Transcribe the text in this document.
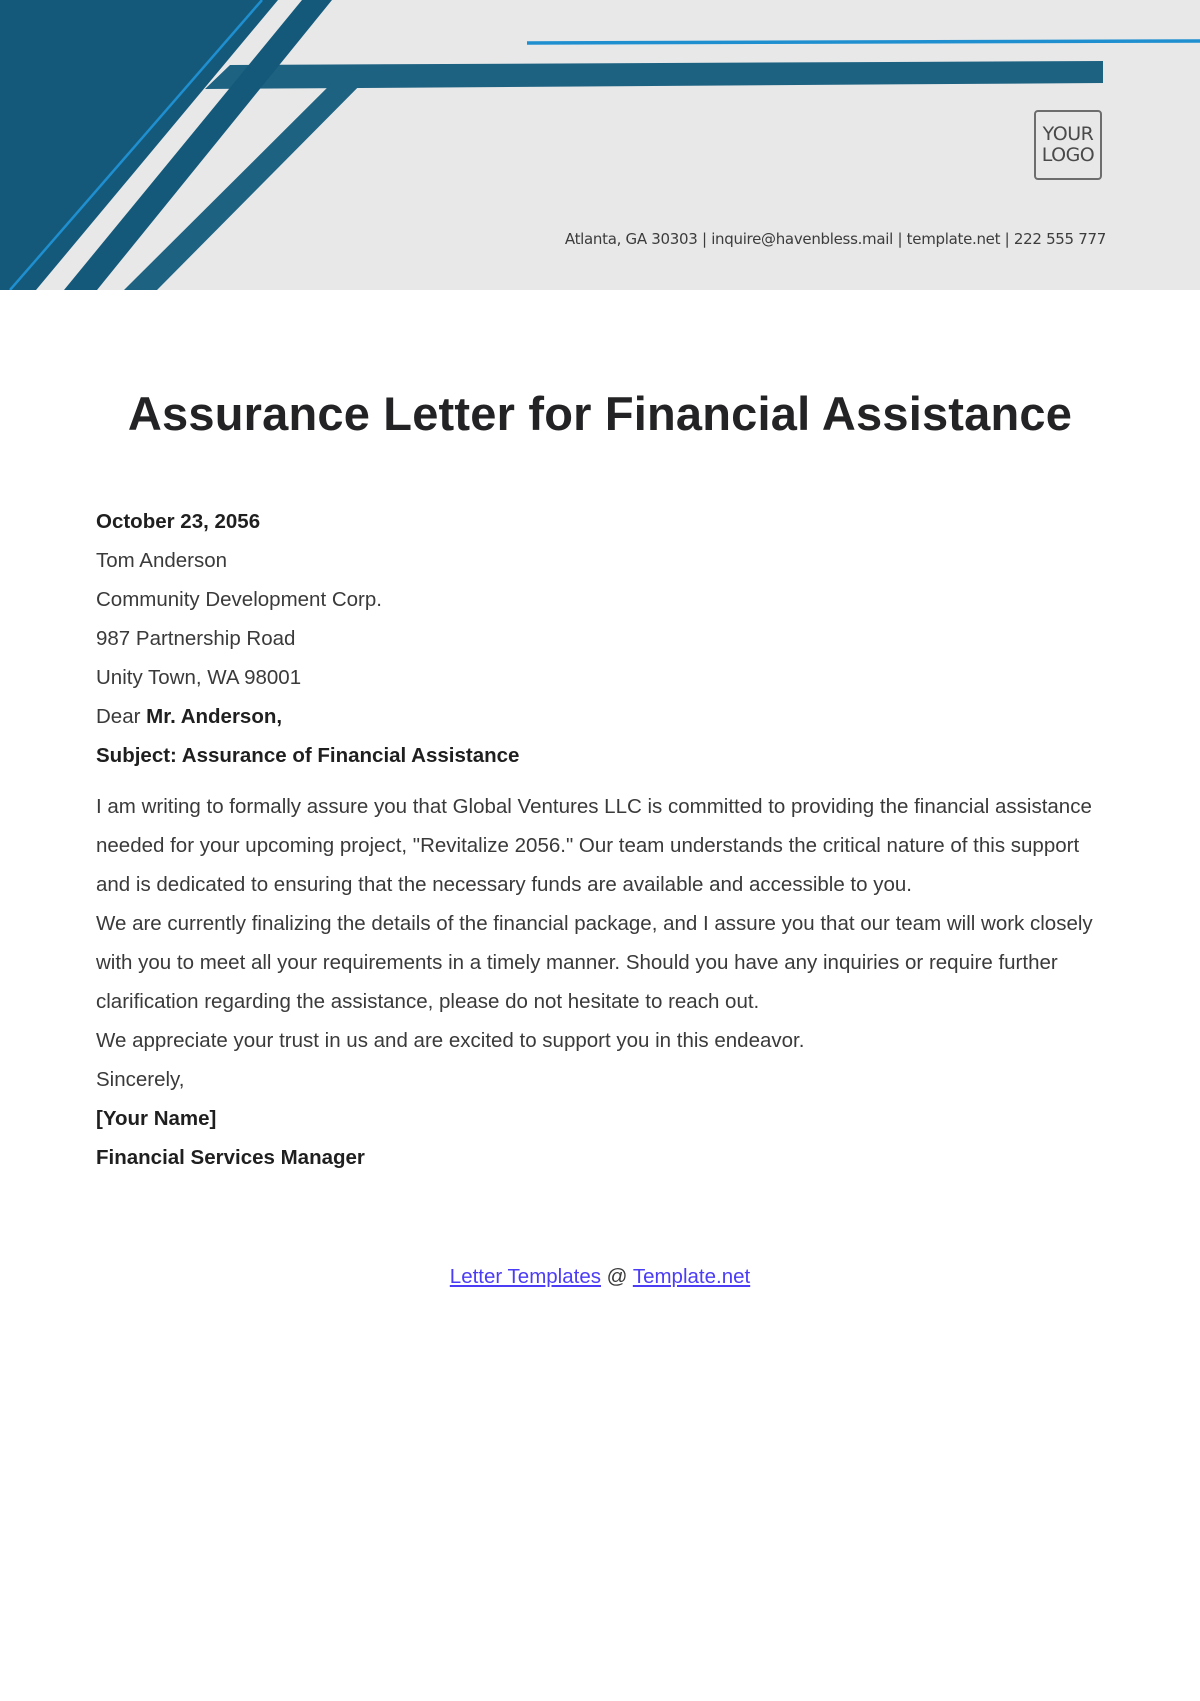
YOUR
LOGO
Atlanta, GA 30303 | inquire@havenbless.mail | template.net | 222 555 777
Assurance Letter for Financial Assistance
October 23, 2056
Tom Anderson
Community Development Corp.
987 Partnership Road
Unity Town, WA 98001
Dear Mr. Anderson,
Subject: Assurance of Financial Assistance

I am writing to formally assure you that Global Ventures LLC is committed to providing the financial assistance needed for your upcoming project, "Revitalize 2056." Our team understands the critical nature of this support and is dedicated to ensuring that the necessary funds are available and accessible to you.

We are currently finalizing the details of the financial package, and I assure you that our team will work closely with you to meet all your requirements in a timely manner. Should you have any inquiries or require further clarification regarding the assistance, please do not hesitate to reach out.

We appreciate your trust in us and are excited to support you in this endeavor.

Sincerely,
[Your Name]
Financial Services Manager
Letter Templates @ Template.net
